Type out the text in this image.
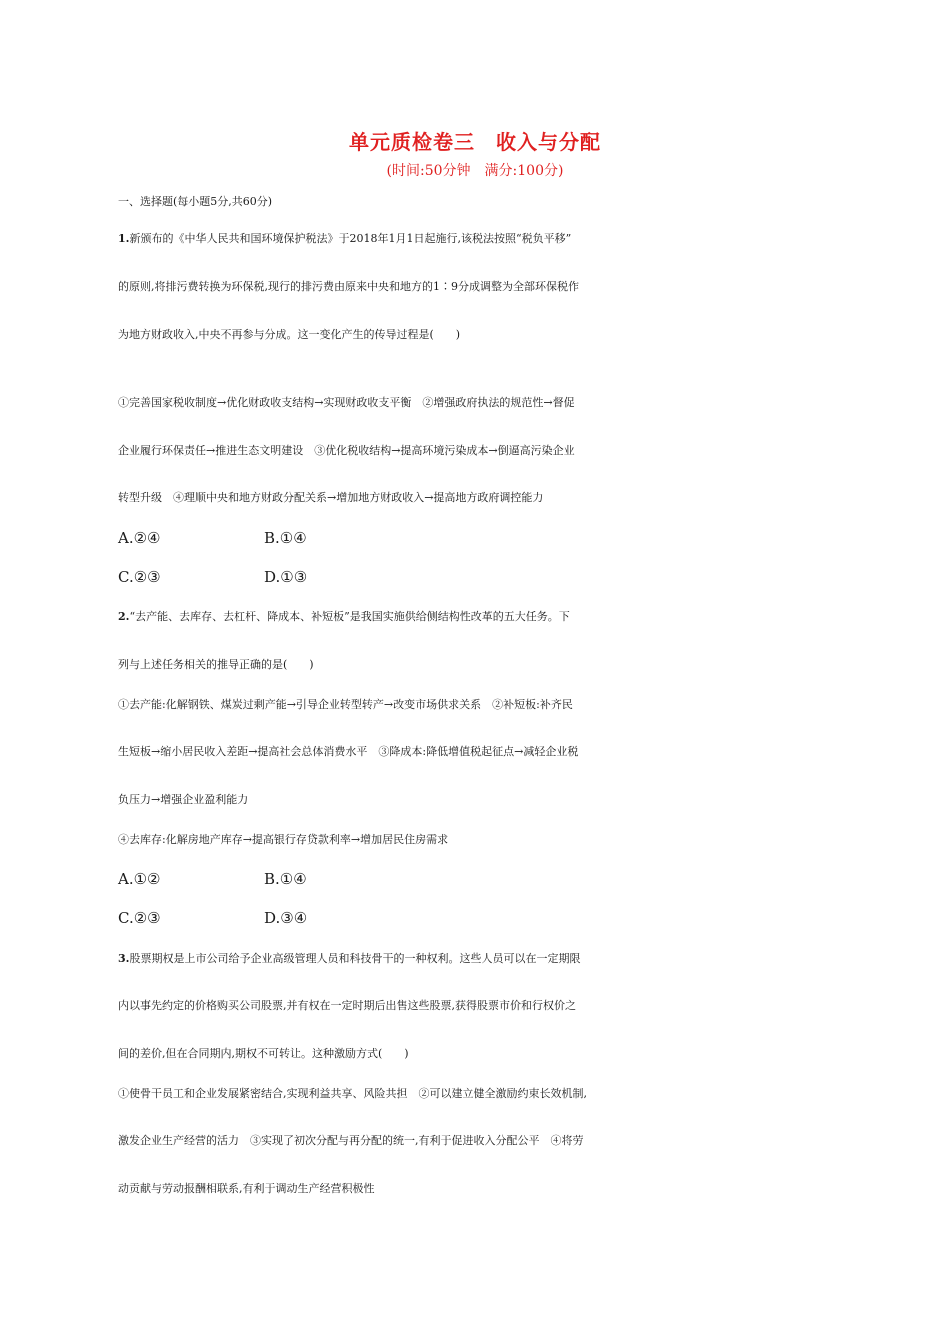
单元质检卷三　收入与分配
(时间:50分钟　满分:100分)
一、选择题(每小题5分,共60分)
1.新颁布的《中华人民共和国环境保护税法》于2018年1月1日起施行,该税法按照“税负平移”
的原则,将排污费转换为环保税,现行的排污费由原来中央和地方的1∶9分成调整为全部环保税作
为地方财政收入,中央不再参与分成。这一变化产生的传导过程是(　　)
①完善国家税收制度→优化财政收支结构→实现财政收支平衡　②增强政府执法的规范性→督促
企业履行环保责任→推进生态文明建设　③优化税收结构→提高环境污染成本→倒逼高污染企业
转型升级　④理顺中央和地方财政分配关系→增加地方财政收入→提高地方政府调控能力
A.②④	B.①④
C.②③	D.①③
2.“去产能、去库存、去杠杆、降成本、补短板”是我国实施供给侧结构性改革的五大任务。下
列与上述任务相关的推导正确的是(　　)
①去产能:化解钢铁、煤炭过剩产能→引导企业转型转产→改变市场供求关系　②补短板:补齐民
生短板→缩小居民收入差距→提高社会总体消费水平　③降成本:降低增值税起征点→减轻企业税
负压力→增强企业盈利能力
④去库存:化解房地产库存→提高银行存贷款利率→增加居民住房需求
A.①②	B.①④
C.②③	D.③④
3.股票期权是上市公司给予企业高级管理人员和科技骨干的一种权利。这些人员可以在一定期限
内以事先约定的价格购买公司股票,并有权在一定时期后出售这些股票,获得股票市价和行权价之
间的差价,但在合同期内,期权不可转让。这种激励方式(　　)
①使骨干员工和企业发展紧密结合,实现利益共享、风险共担　②可以建立健全激励约束长效机制,
激发企业生产经营的活力　③实现了初次分配与再分配的统一,有利于促进收入分配公平　④将劳
动贡献与劳动报酬相联系,有利于调动生产经营积极性
